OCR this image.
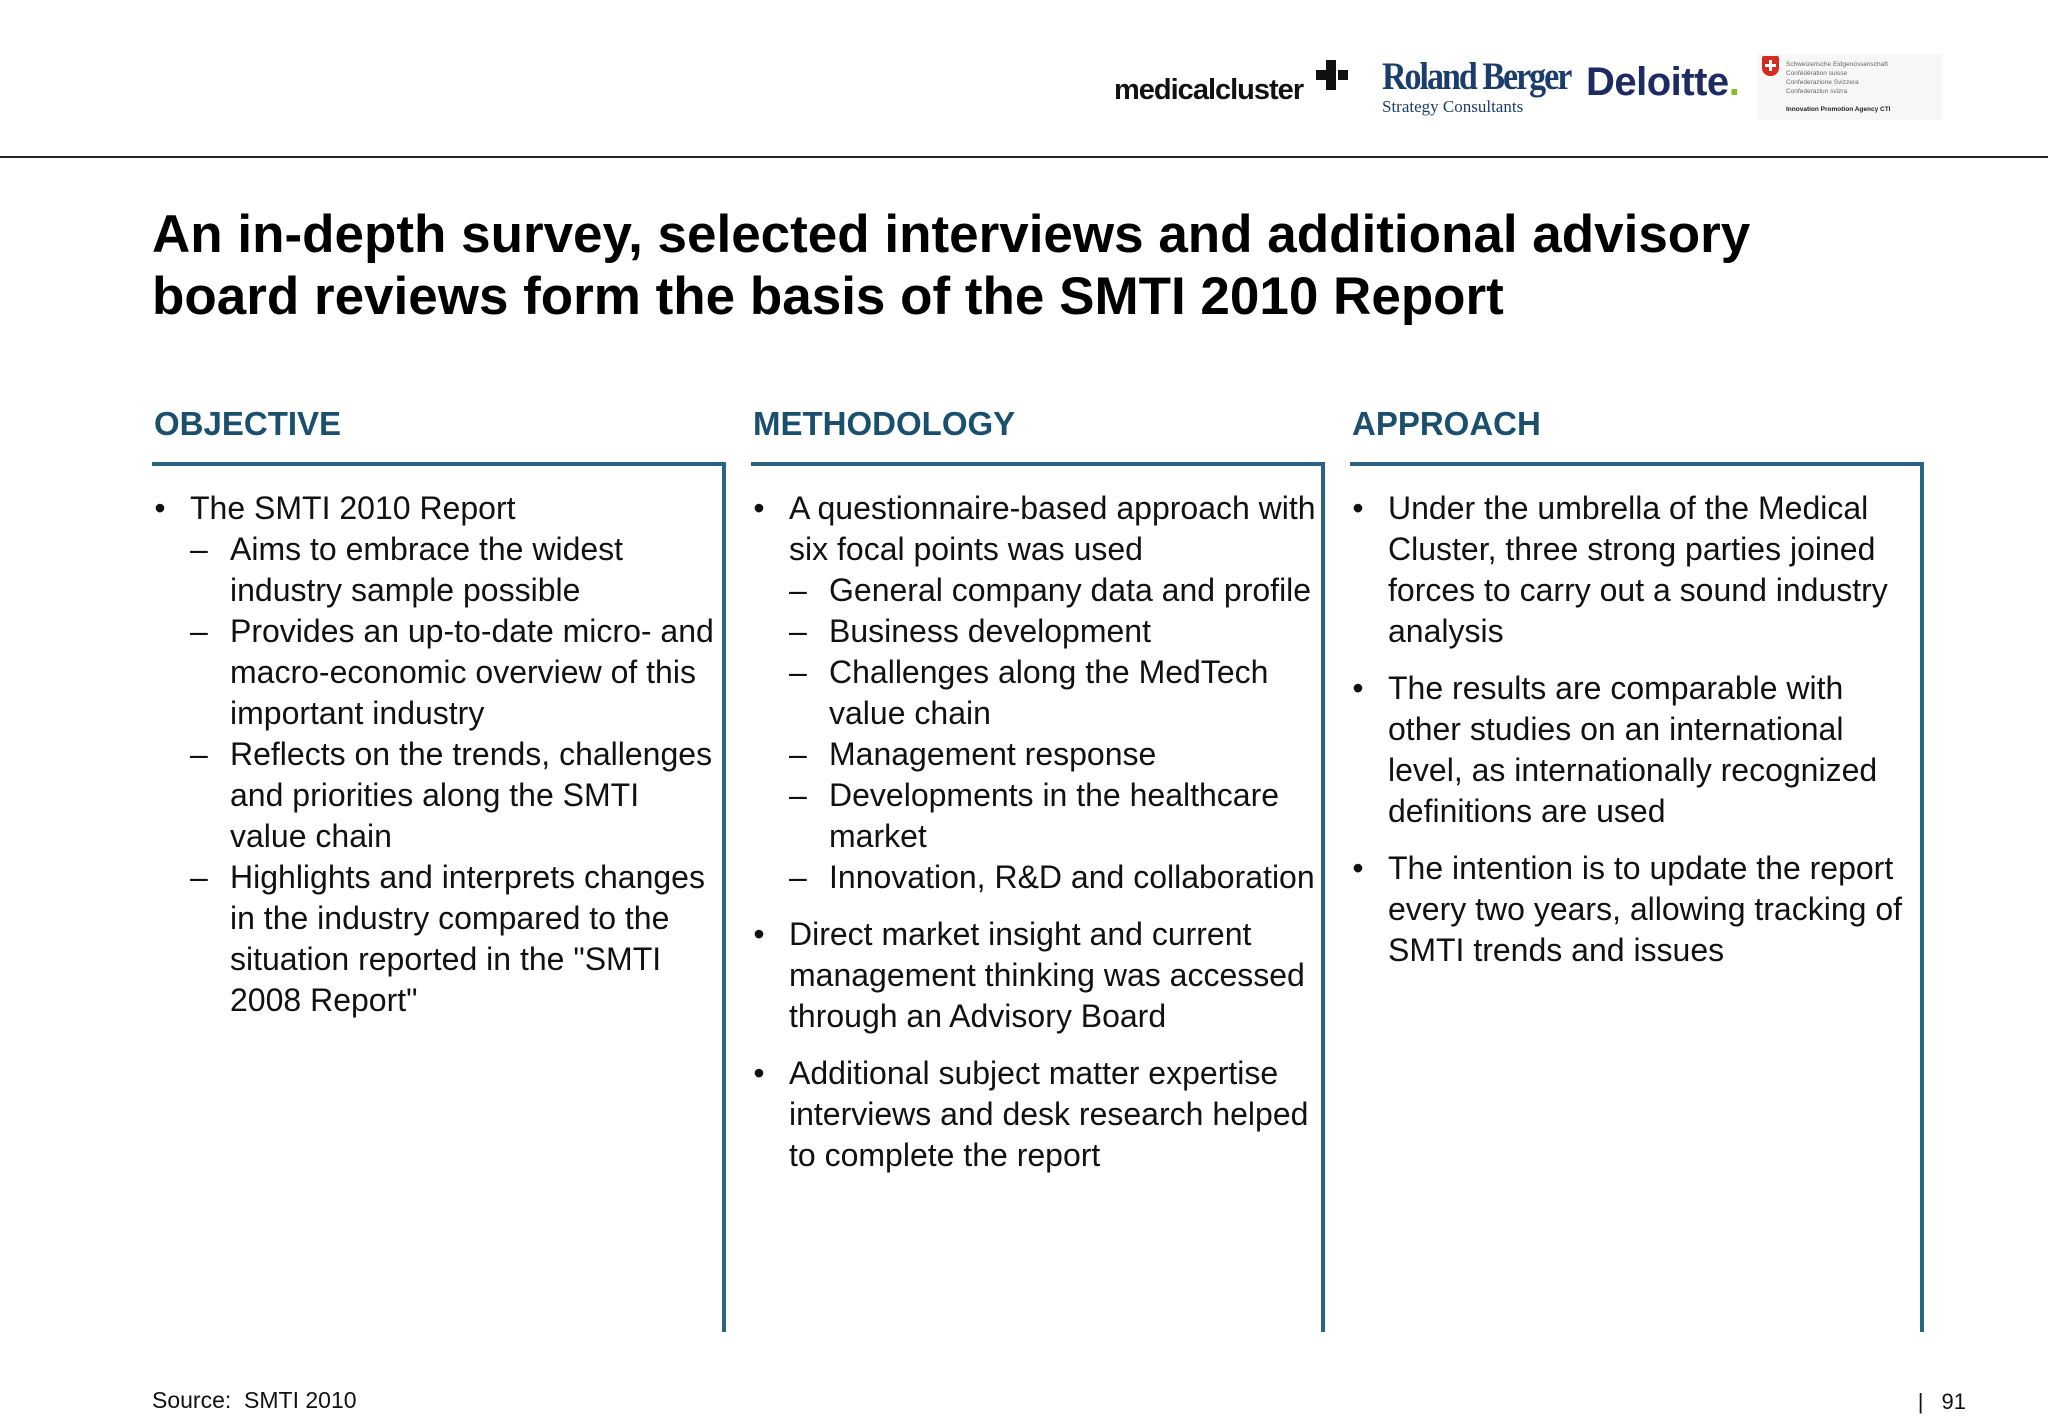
medicalcluster Roland Berger
Strategy Consultants
Deloitte.	Schweizerische Eidgenossenschaft
Confédération suisse
Confederazione Svizzera
Confederaziun svizra
Innovation Promotion Agency CTI
An in-depth survey, selected interviews and additional advisory
board reviews form the basis of the SMTI 2010 Report
OBJECTIVE
• The SMTI 2010 Report
– Aims to embrace the widest industry sample possible
– Provides an up-to-date micro- and macro-economic overview of this important industry
– Reflects on the trends, challenges and priorities along the SMTI value chain
– Highlights and interprets changes in the industry compared to the situation reported in the "SMTI 2008 Report"
METHODOLOGY
• A questionnaire-based approach with six focal points was used
– General company data and profile
– Business development
– Challenges along the MedTech value chain
– Management response
– Developments in the healthcare market
– Innovation, R&D and collaboration
• Direct market insight and current management thinking was accessed through an Advisory Board
• Additional subject matter expertise interviews and desk research helped to complete the report
APPROACH
• Under the umbrella of the Medical Cluster, three strong parties joined forces to carry out a sound industry analysis
• The results are comparable with other studies on an international level, as internationally recognized definitions are used
• The intention is to update the report every two years, allowing tracking of SMTI trends and issues
Source:  SMTI 2010	| 91
